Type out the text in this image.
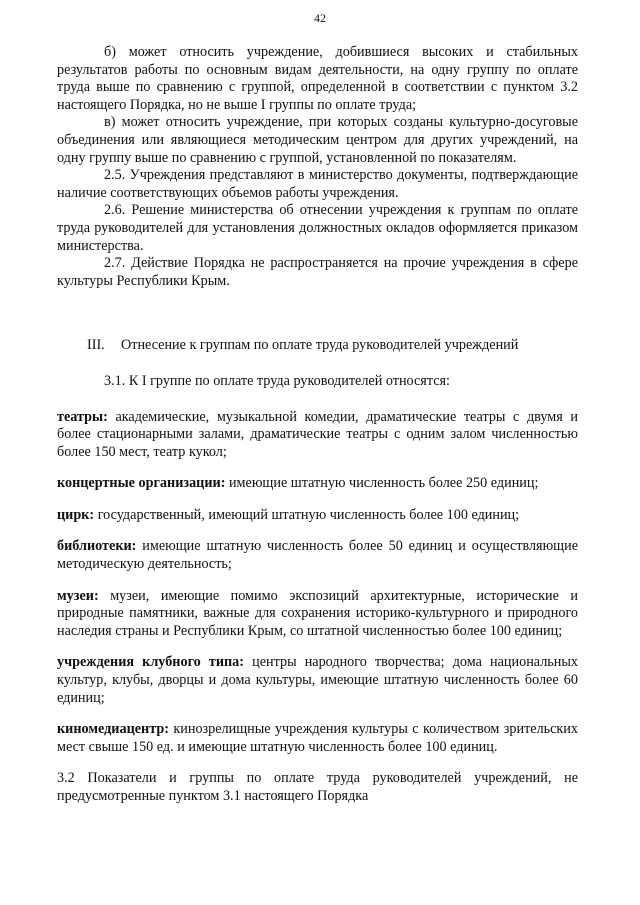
42

б) может относить учреждение, добившиеся высоких и стабильных результатов работы по основным видам деятельности, на одну группу по оплате труда выше по сравнению с группой, определенной в соответствии с пунктом 3.2 настоящего Порядка, но не выше I группы по оплате труда;

в) может относить учреждение, при которых созданы культурно-досуговые объединения или являющиеся методическим центром для других учреждений, на одну группу выше по сравнению с группой, установленной по показателям.

2.5. Учреждения представляют в министерство документы, подтверждающие наличие соответствующих объемов работы учреждения.

2.6. Решение министерства об отнесении учреждения к группам по оплате труда руководителей для установления должностных окладов оформляется приказом министерства.

2.7. Действие Порядка не распространяется на прочие учреждения в сфере культуры Республики Крым.

III. Отнесение к группам по оплате труда руководителей учреждений

3.1. К I группе по оплате труда руководителей относятся:

театры: академические, музыкальной комедии, драматические театры с двумя и более стационарными залами, драматические театры с одним залом численностью более 150 мест, театр кукол;

концертные организации: имеющие штатную численность более 250 единиц;

цирк: государственный, имеющий штатную численность более 100 единиц;

библиотеки: имеющие штатную численность более 50 единиц и осуществляющие методическую деятельность;

музеи: музеи, имеющие помимо экспозиций архитектурные, исторические и природные памятники, важные для сохранения историко-культурного и природного наследия страны и Республики Крым, со штатной численностью более 100 единиц;

учреждения клубного типа: центры народного творчества; дома национальных культур, клубы, дворцы и дома культуры, имеющие штатную численность более 60 единиц;

киномедиацентр: кинозрелищные учреждения культуры с количеством зрительских мест свыше 150 ед. и имеющие штатную численность более 100 единиц.

3.2 Показатели и группы по оплате труда руководителей учреждений, не предусмотренные пунктом 3.1 настоящего Порядка
